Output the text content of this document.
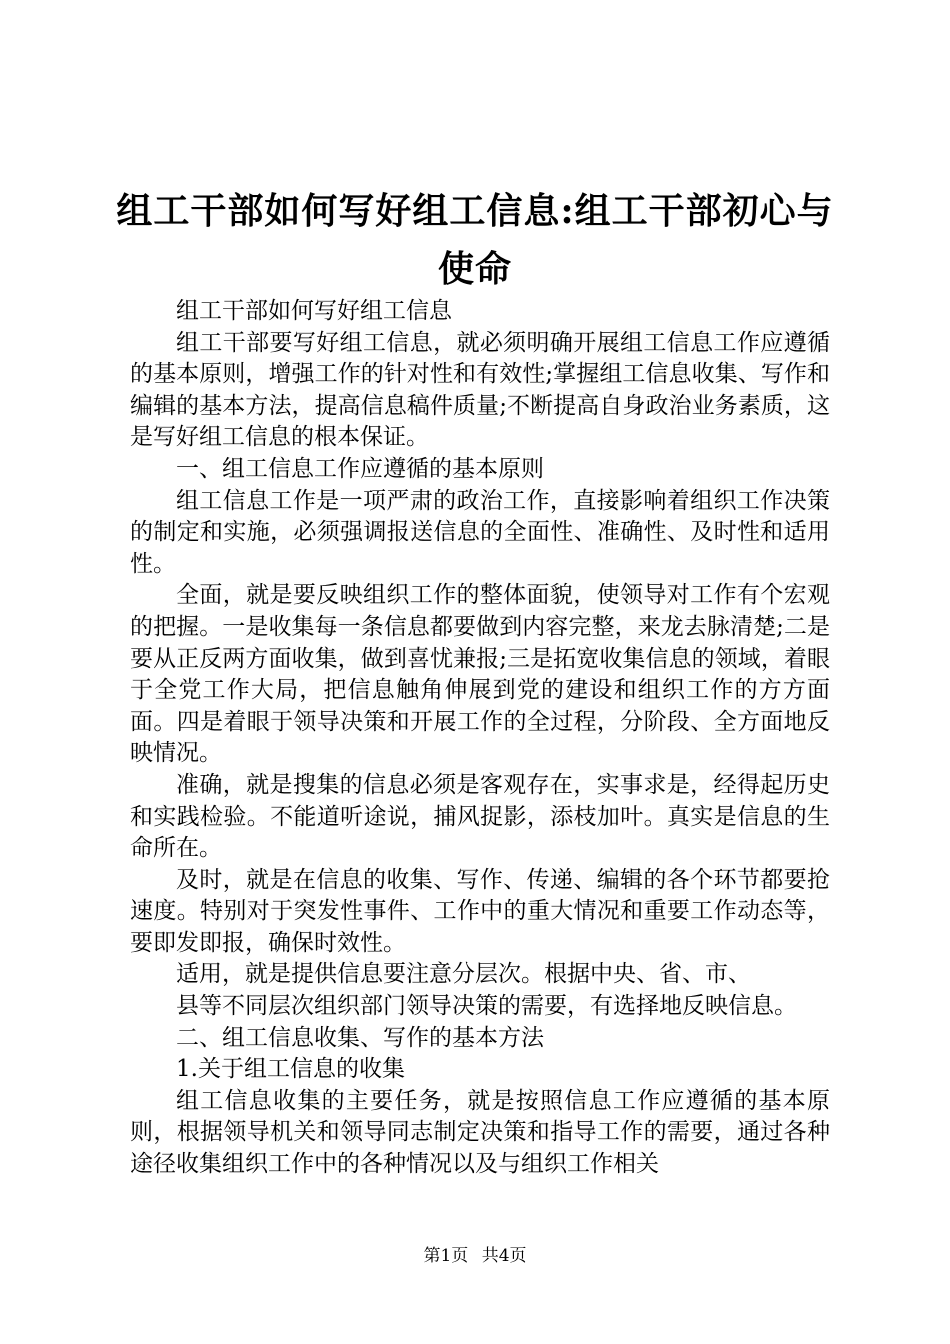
组工干部如何写好组工信息:组工干部初心与使命

组工干部如何写好组工信息

组工干部要写好组工信息，就必须明确开展组工信息工作应遵循的基本原则，增强工作的针对性和有效性;掌握组工信息收集、写作和编辑的基本方法，提高信息稿件质量;不断提高自身政治业务素质，这是写好组工信息的根本保证。

一、组工信息工作应遵循的基本原则

组工信息工作是一项严肃的政治工作，直接影响着组织工作决策的制定和实施，必须强调报送信息的全面性、准确性、及时性和适用性。

全面，就是要反映组织工作的整体面貌，使领导对工作有个宏观的把握。一是收集每一条信息都要做到内容完整，来龙去脉清楚;二是要从正反两方面收集，做到喜忧兼报;三是拓宽收集信息的领域，着眼于全党工作大局，把信息触角伸展到党的建设和组织工作的方方面面。四是着眼于领导决策和开展工作的全过程，分阶段、全方面地反映情况。

准确，就是搜集的信息必须是客观存在，实事求是，经得起历史和实践检验。不能道听途说，捕风捉影，添枝加叶。真实是信息的生命所在。

及时，就是在信息的收集、写作、传递、编辑的各个环节都要抢速度。特别对于突发性事件、工作中的重大情况和重要工作动态等，要即发即报，确保时效性。

适用，就是提供信息要注意分层次。根据中央、省、市、

县等不同层次组织部门领导决策的需要，有选择地反映信息。

二、组工信息收集、写作的基本方法

1.关于组工信息的收集

组工信息收集的主要任务，就是按照信息工作应遵循的基本原则，根据领导机关和领导同志制定决策和指导工作的需要，通过各种途径收集组织工作中的各种情况以及与组织工作相关

第1页 共4页
